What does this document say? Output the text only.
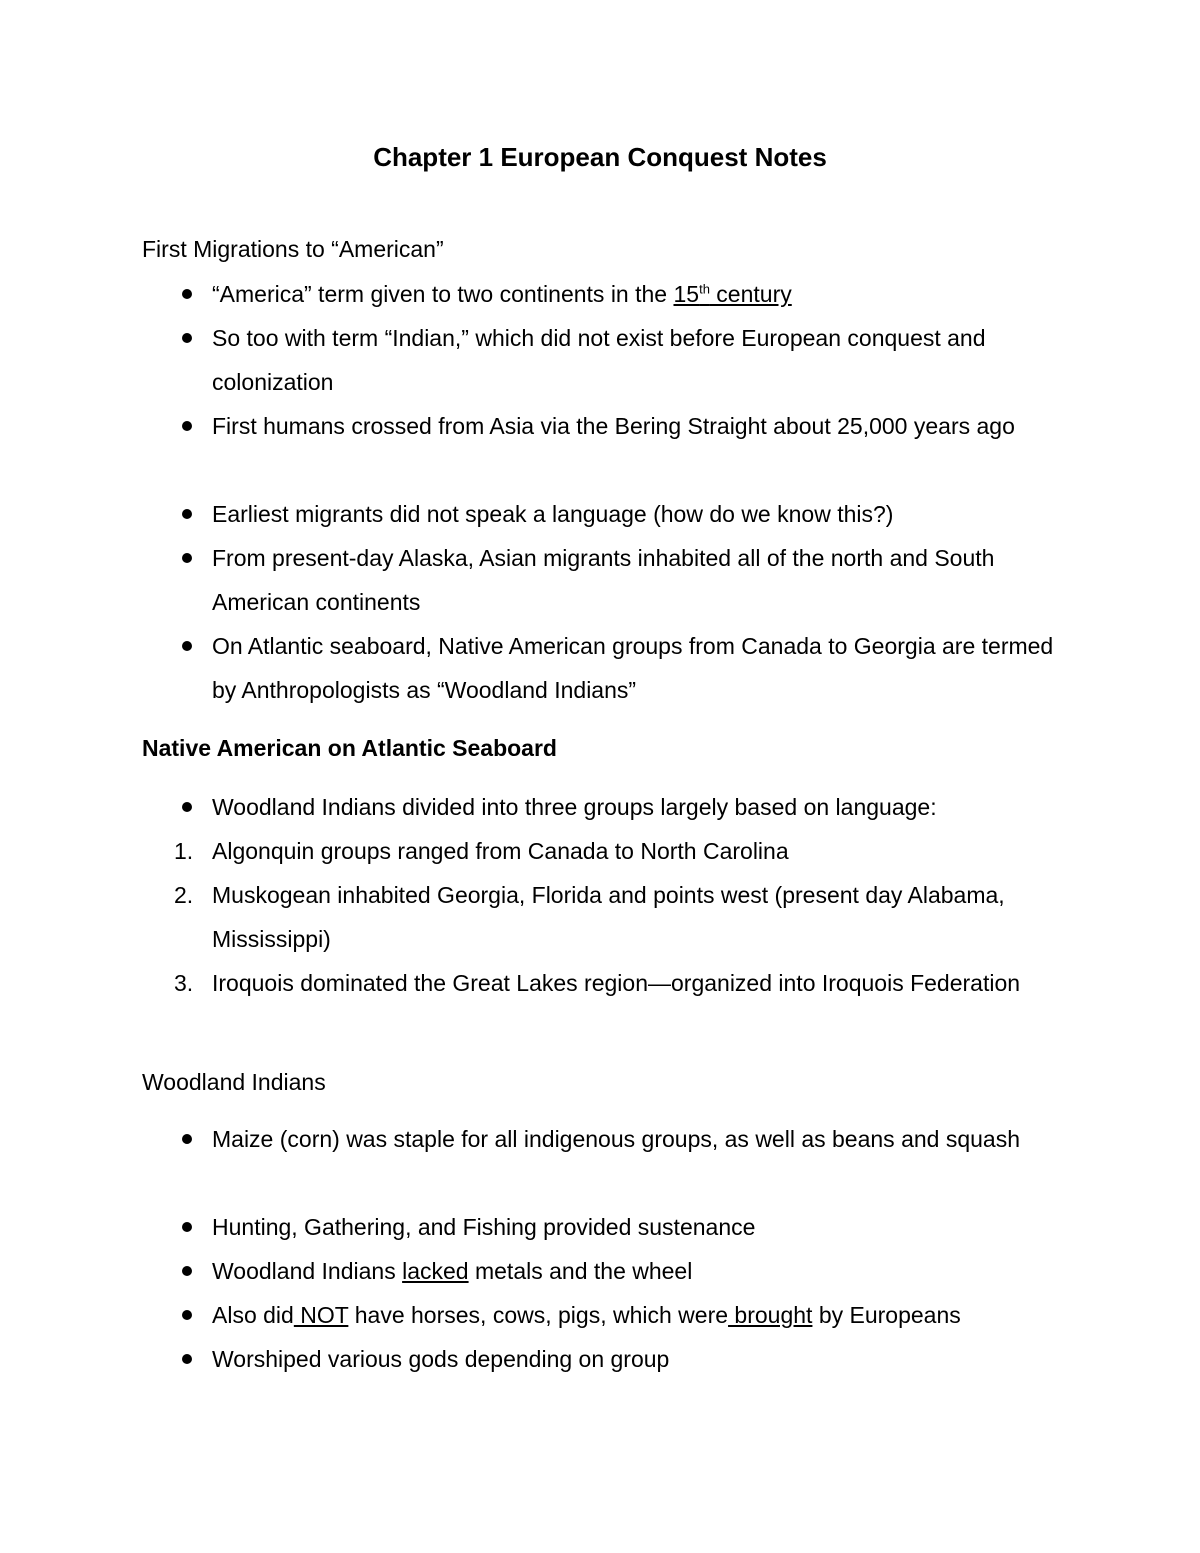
Chapter 1 European Conquest Notes

First Migrations to “American”

“America” term given to two continents in the 15th century
So too with term “Indian,” which did not exist before European conquest and colonization
First humans crossed from Asia via the Bering Straight about 25,000 years ago
Earliest migrants did not speak a language (how do we know this?)
From present-day Alaska, Asian migrants inhabited all of the north and South American continents
On Atlantic seaboard, Native American groups from Canada to Georgia are termed by Anthropologists as “Woodland Indians”

Native American on Atlantic Seaboard

Woodland Indians divided into three groups largely based on language:
1. Algonquin groups ranged from Canada to North Carolina
2. Muskogean inhabited Georgia, Florida and points west (present day Alabama, Mississippi)
3. Iroquois dominated the Great Lakes region—organized into Iroquois Federation

Woodland Indians

Maize (corn) was staple for all indigenous groups, as well as beans and squash
Hunting, Gathering, and Fishing provided sustenance
Woodland Indians lacked metals and the wheel
Also did NOT have horses, cows, pigs, which were brought by Europeans
Worshiped various gods depending on group
